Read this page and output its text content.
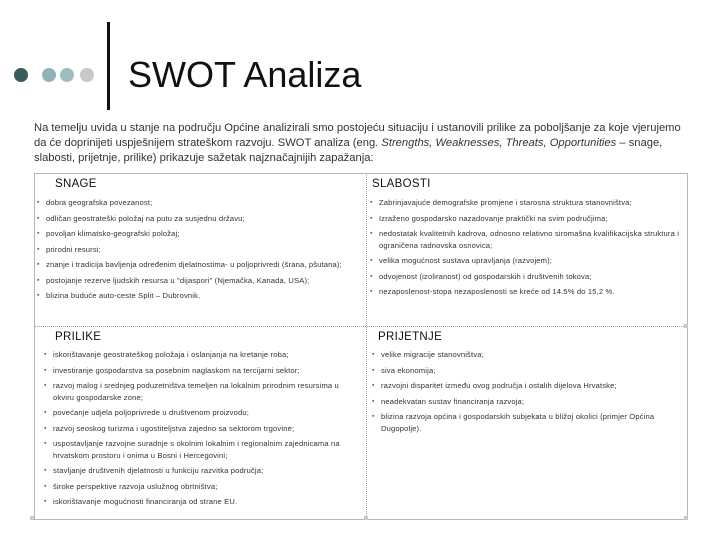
SWOT Analiza
Na temelju uvida u stanje na području Općine analizirali smo postojeću situaciju i ustanovili prilike za poboljšanje za koje vjerujemo da će doprinijeti uspješnijem strateškom razvoju. SWOT analiza (eng. Strengths, Weaknesses, Threats, Opportunities – snage, slabosti, prijetnje, prilike) prikazuje sažetak najznačajnijih zapažanja:
SNAGE
▪ dobra geografska povezanost;
▪ odličan geostrateški položaj na putu za susjednu državu;
▪ povoljan klimatsko-geografski položaj;
▪ prirodni resursi;
▪ znanje i tradicija bavljenja određenim djelatnostima- u poljoprivredi (šrana, pšutana);
▪ postojanje rezerve ljudskih resursa u "dijaspori" (Njemačka, Kanada, USA);
▪ blizina buduće auto-ceste Split – Dubrovnik.
SLABOSTI
▪ Zabrinjavajuće demografske promjene i starosna struktura stanovništva;
▪ Izraženo gospodarsko nazadovanje praktički na svim područjima;
▪ nedostatak kvalitetnih kadrova, odnosno relativno siromašna kvalifikacijska struktura i ograničena radnovska osnovica;
▪ velika mogućnost sustava upravljanja (razvojem);
▪ odvojenost (izoliranost) od gospodarskih i društvenih tokova;
▪ nezaposlenost-stopa nezaposlenosti se kreće od 14.5% do 15,2 %.
PRILIKE
▪ iskorištavanje geostrateškog položaja i oslanjanja na kretanje roba;
▪ investiranje gospodarstva sa posebnim naglaskom na tercijarni sektor;
▪ razvoj malog i srednjeg poduzetništva temeljen na lokalnim prirodnim resursima u okviru gospodarske zone;
▪ povećanje udjela poljoprivrede u društvenom proizvodu;
▪ razvoj seoskog turizma i ugostiteljstva zajedno sa sektorom trgovine;
▪ uspostavljanje razvojne suradnje s okolnim lokalnim i regionalnim zajednicama na hrvatskom prostoru i onima u Bosni i Hercegovini;
▪ stavljanje društvenih djelatnosti u funkciju razvitka područja;
▪ široke perspektive razvoja uslužnog obrtništva;
▪ iskorištavanje mogućnosti financiranja od strane EU.
PRIJETNJE
▪ velike migracije stanovništva;
▪ siva ekonomija;
▪ razvojni disparitet između ovog područja i ostalih dijelova Hrvatske;
▪ neadekvatan sustav financiranja razvoja;
▪ blizina razvoja općina i gospodarskih subjekata u bližoj okolici (primjer Općina Dugopolje).
